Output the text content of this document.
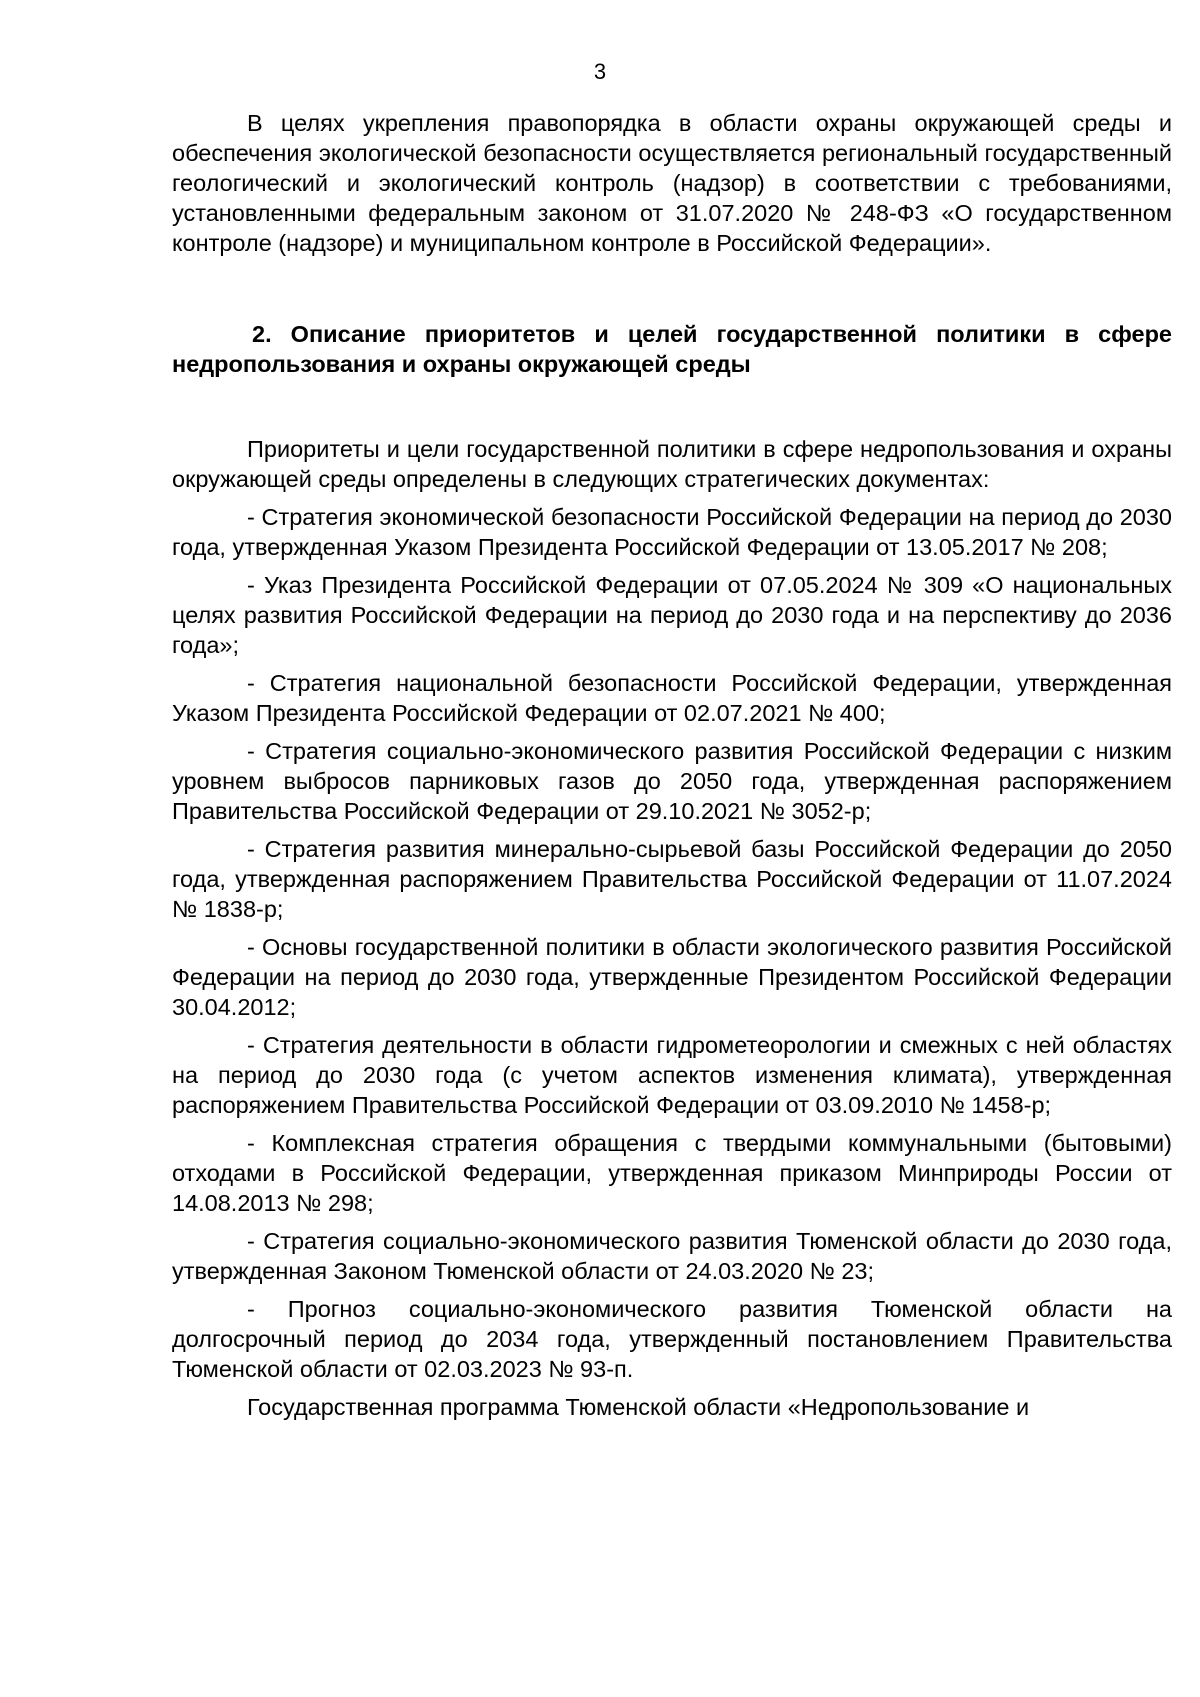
3

В целях укрепления правопорядка в области охраны окружающей среды и обеспечения экологической безопасности осуществляется региональный государственный геологический и экологический контроль (надзор) в соответствии с требованиями, установленными федеральным законом от 31.07.2020 № 248-ФЗ «О государственном контроле (надзоре) и муниципальном контроле в Российской Федерации».

2. Описание приоритетов и целей государственной политики в сфере недропользования и охраны окружающей среды

Приоритеты и цели государственной политики в сфере недропользования и охраны окружающей среды определены в следующих стратегических документах:

- Стратегия экономической безопасности Российской Федерации на период до 2030 года, утвержденная Указом Президента Российской Федерации от 13.05.2017 № 208;

- Указ Президента Российской Федерации от 07.05.2024 № 309 «О национальных целях развития Российской Федерации на период до 2030 года и на перспективу до 2036 года»;

- Стратегия национальной безопасности Российской Федерации, утвержденная Указом Президента Российской Федерации от 02.07.2021 № 400;

- Стратегия социально-экономического развития Российской Федерации с низким уровнем выбросов парниковых газов до 2050 года, утвержденная распоряжением Правительства Российской Федерации от 29.10.2021 № 3052-р;

- Стратегия развития минерально-сырьевой базы Российской Федерации до 2050 года, утвержденная распоряжением Правительства Российской Федерации от 11.07.2024 № 1838-р;

- Основы государственной политики в области экологического развития Российской Федерации на период до 2030 года, утвержденные Президентом Российской Федерации 30.04.2012;

- Стратегия деятельности в области гидрометеорологии и смежных с ней областях на период до 2030 года (с учетом аспектов изменения климата), утвержденная распоряжением Правительства Российской Федерации от 03.09.2010 № 1458-р;

- Комплексная стратегия обращения с твердыми коммунальными (бытовыми) отходами в Российской Федерации, утвержденная приказом Минприроды России от 14.08.2013 № 298;

- Стратегия социально-экономического развития Тюменской области до 2030 года, утвержденная Законом Тюменской области от 24.03.2020 № 23;

- Прогноз социально-экономического развития Тюменской области на долгосрочный период до 2034 года, утвержденный постановлением Правительства Тюменской области от 02.03.2023 № 93-п.

Государственная программа Тюменской области «Недропользование и
